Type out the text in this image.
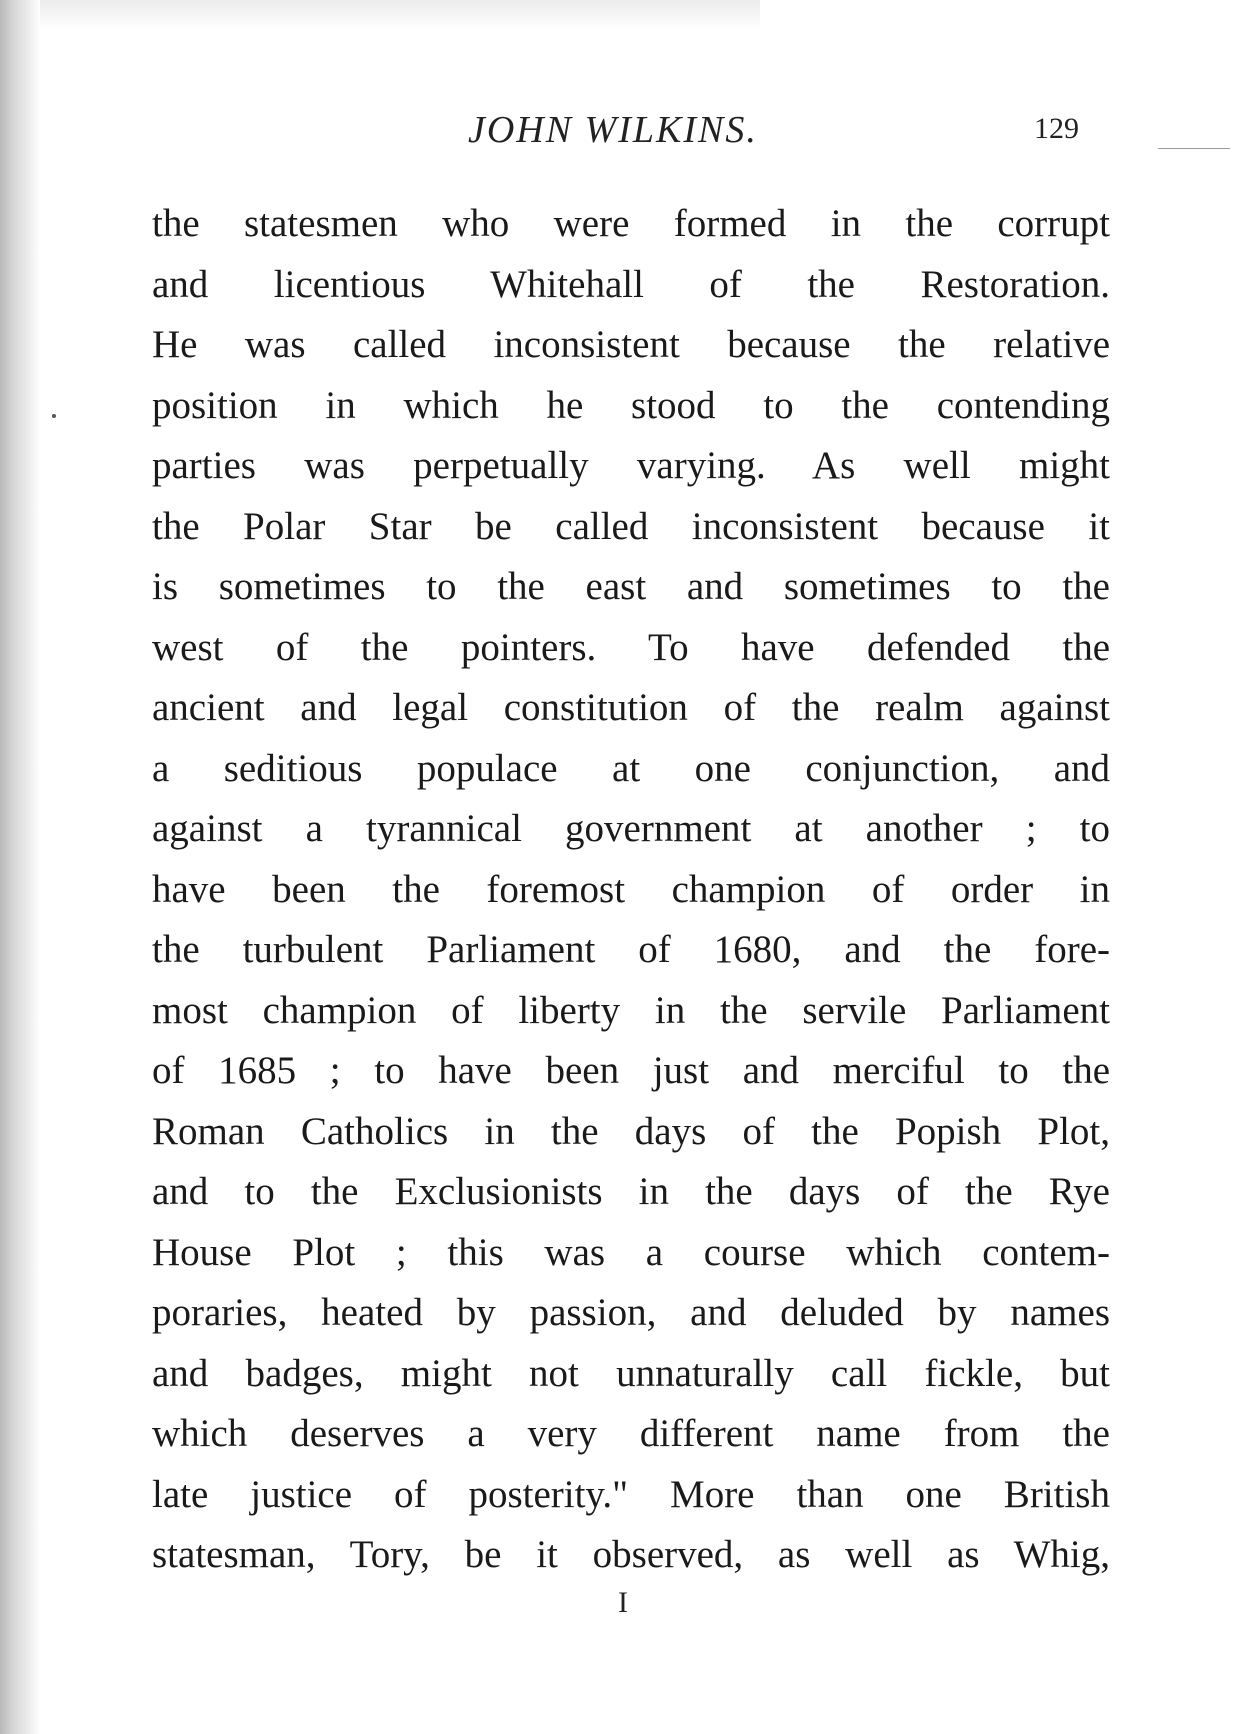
JOHN WILKINS.	129
the statesmen who were formed in the corrupt
and licentious Whitehall of the Restoration.
He was called inconsistent because the relative
position in which he stood to the contending
parties was perpetually varying. As well might
the Polar Star be called inconsistent because it
is sometimes to the east and sometimes to the
west of the pointers. To have defended the
ancient and legal constitution of the realm against
a seditious populace at one conjunction, and
against a tyrannical government at another ; to
have been the foremost champion of order in
the turbulent Parliament of 1680, and the fore-
most champion of liberty in the servile Parliament
of 1685 ; to have been just and merciful to the
Roman Catholics in the days of the Popish Plot,
and to the Exclusionists in the days of the Rye
House Plot ; this was a course which contem-
poraries, heated by passion, and deluded by names
and badges, might not unnaturally call fickle, but
which deserves a very different name from the
late justice of posterity." More than one British
statesman, Tory, be it observed, as well as Whig,
I
